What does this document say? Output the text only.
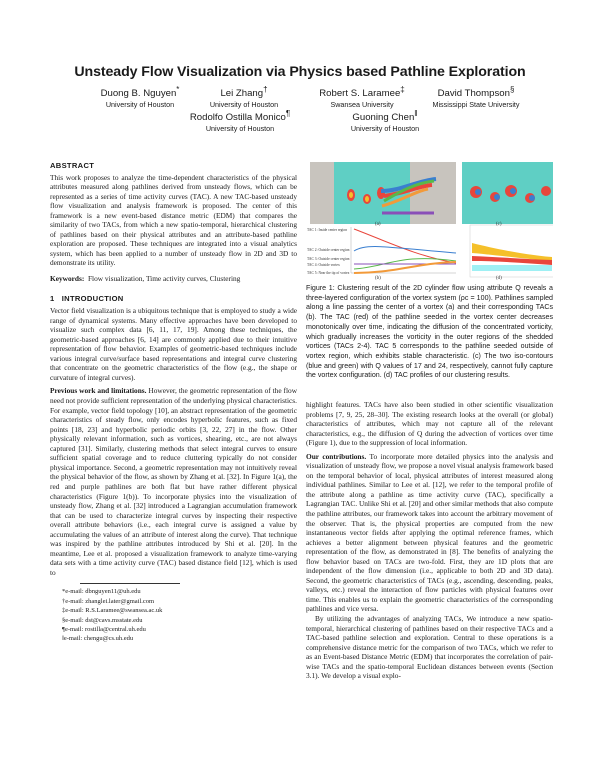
Unsteady Flow Visualization via Physics based Pathline Exploration
Duong B. Nguyen*
University of Houston
Lei Zhang†
University of Houston
Robert S. Laramee‡
Swansea University
David Thompson§
Mississippi State University
Rodolfo Ostilla Monico¶
University of Houston
Guoning Chen‖
University of Houston
ABSTRACT

This work proposes to analyze the time-dependent characteristics of the physical attributes measured along pathlines derived from unsteady flows, which can be represented as a series of time activity curves (TAC). A new TAC-based unsteady flow visualization and analysis framework is proposed. The center of this framework is a new event-based distance metric (EDM) that compares the similarity of two TACs, from which a new spatio-temporal, hierarchical clustering of pathlines based on their physical attributes and an attribute-based pathline exploration are proposed. These techniques are integrated into a visual analytics system, which has been applied to a number of unsteady flow in 2D and 3D to demonstrate its utility.

Keywords: Flow visualization, Time activity curves, Clustering

1 INTRODUCTION

Vector field visualization is a ubiquitous technique that is employed to study a wide range of dynamical systems. Many effective approaches have been developed to visualize such complex data [6, 11, 17, 19]. Among these techniques, the geometric-based approaches [6, 14] are commonly applied due to their intuitive representation of flow behavior. Examples of geometric-based techniques include various integral curve/surface based representations and integral curve clustering that concentrate on the geometric characteristics of the flow (e.g., the shape or curvature of integral curves).

Previous work and limitations. However, the geometric representation of the flow need not provide sufficient representation of the underlying physical characteristics. For example, vector field topology [10], an abstract representation of the geometric characteristics of steady flow, only encodes hyperbolic features, such as fixed points [18, 23] and hyperbolic periodic orbits [3, 22, 27] in the flow. Other physically relevant information, such as vortices, shearing, etc., are not always captured [31]. Similarly, clustering methods that select integral curves to ensure sufficient spatial coverage and to reduce cluttering typically do not consider physical importance. Second, a geometric representation may not intuitively reveal the physical behavior of the flow, as shown by Zhang et al. [32]. In Figure 1(a), the red and purple pathlines are both flat but have rather different physical characteristics (Figure 1(b)). To incorporate physics into the visualization of unsteady flow, Zhang et al. [32] introduced a Lagrangian accumulation framework that can be used to characterize integral curves by inspecting their respective overall attribute behaviors (i.e., each integral curve is assigned a value by accumulating the values of an attribute of interest along the curve). That technique was inspired by the pathline attributes introduced by Shi et al. [20]. In the meantime, Lee et al. proposed a visualization framework to analyze time-varying data sets with a time activity curve (TAC) based distance field [12], which is used to

*e-mail: dbnguyen11@uh.edu
†e-mail: zhanglei.later@gmail.com
‡e-mail: R.S.Laramee@swansea.ac.uk
§e-mail: dst@cavs.msstate.edu
¶e-mail: rostilla@central.uh.edu
‖e-mail: chengu@cs.uh.edu
(a)	(c)
(b)	(d)
TAC 1: Inside center region
TAC 2: Outside center region
TAC 3: Outside center region
TAC 4: Outside vortex
TAC 5: Near the tip of vortex
Figure 1: Clustering result of the 2D cylinder flow using attribute Q reveals a three-layered configuration of the vortex system (ρc = 100). Pathlines sampled along a line passing the center of a vortex (a) and their corresponding TACs (b). The TAC (red) of the pathline seeded in the vortex center decreases monotonically over time, indicating the diffusion of the concentrated vorticity, which gradually increases the vorticity in the outer regions of the shedded vortices (TACs 2-4). TAC 5 corresponds to the pathline seeded outside of vortex region, which exhibits stable characteristic. (c) The two iso-contours (blue and green) with Q values of 17 and 24, respectively, cannot fully capture the vortex configuration. (d) TAC profiles of our clustering results.

highlight features. TACs have also been studied in other scientific visualization problems [7, 9, 25, 28–30]. The existing research looks at the overall (or global) characteristics of attributes, which may not capture all of the relevant characteristics, e.g., the diffusion of Q during the advection of vortices over time (Figure 1), due to the suppression of local information.

Our contributions. To incorporate more detailed physics into the analysis and visualization of unsteady flow, we propose a novel visual analysis framework based on the temporal behavior of local, physical attributes of interest measured along individual pathlines. Similar to Lee et al. [12], we refer to the temporal profile of the attribute along a pathline as time activity curve (TAC), specifically a Lagrangian TAC. Unlike Shi et al. [20] and other similar methods that also compute the pathline attributes, our framework takes into account the arbitrary movement of the observer. That is, the physical properties are computed from the new instantaneous vector fields after applying the optimal reference frames, which achieves a better alignment between physical features and the geometric representation of the flow, as demonstrated in [8]. The benefits of analyzing the flow behavior based on TACs are two-fold. First, they are 1D plots that are independent of the flow dimension (i.e., applicable to both 2D and 3D data). Second, the geometric characteristics of TACs (e.g., ascending, descending, peaks, valleys, etc.) reveal the interaction of flow particles with physical features over time. This enables us to explain the geometric characteristics of the corresponding pathlines and vice versa.

By utilizing the advantages of analyzing TACs, We introduce a new spatio-temporal, hierarchical clustering of pathlines based on their respective TACs and a TAC-based pathline selection and exploration. Central to these operations is a comprehensive distance metric for the comparison of two TACs, which we refer to as an Event-based Distance Metric (EDM) that incorporates the correlation of pair-wise TACs and the spatio-temporal Euclidean distances between events (Section 3.1). We develop a visual explo-
